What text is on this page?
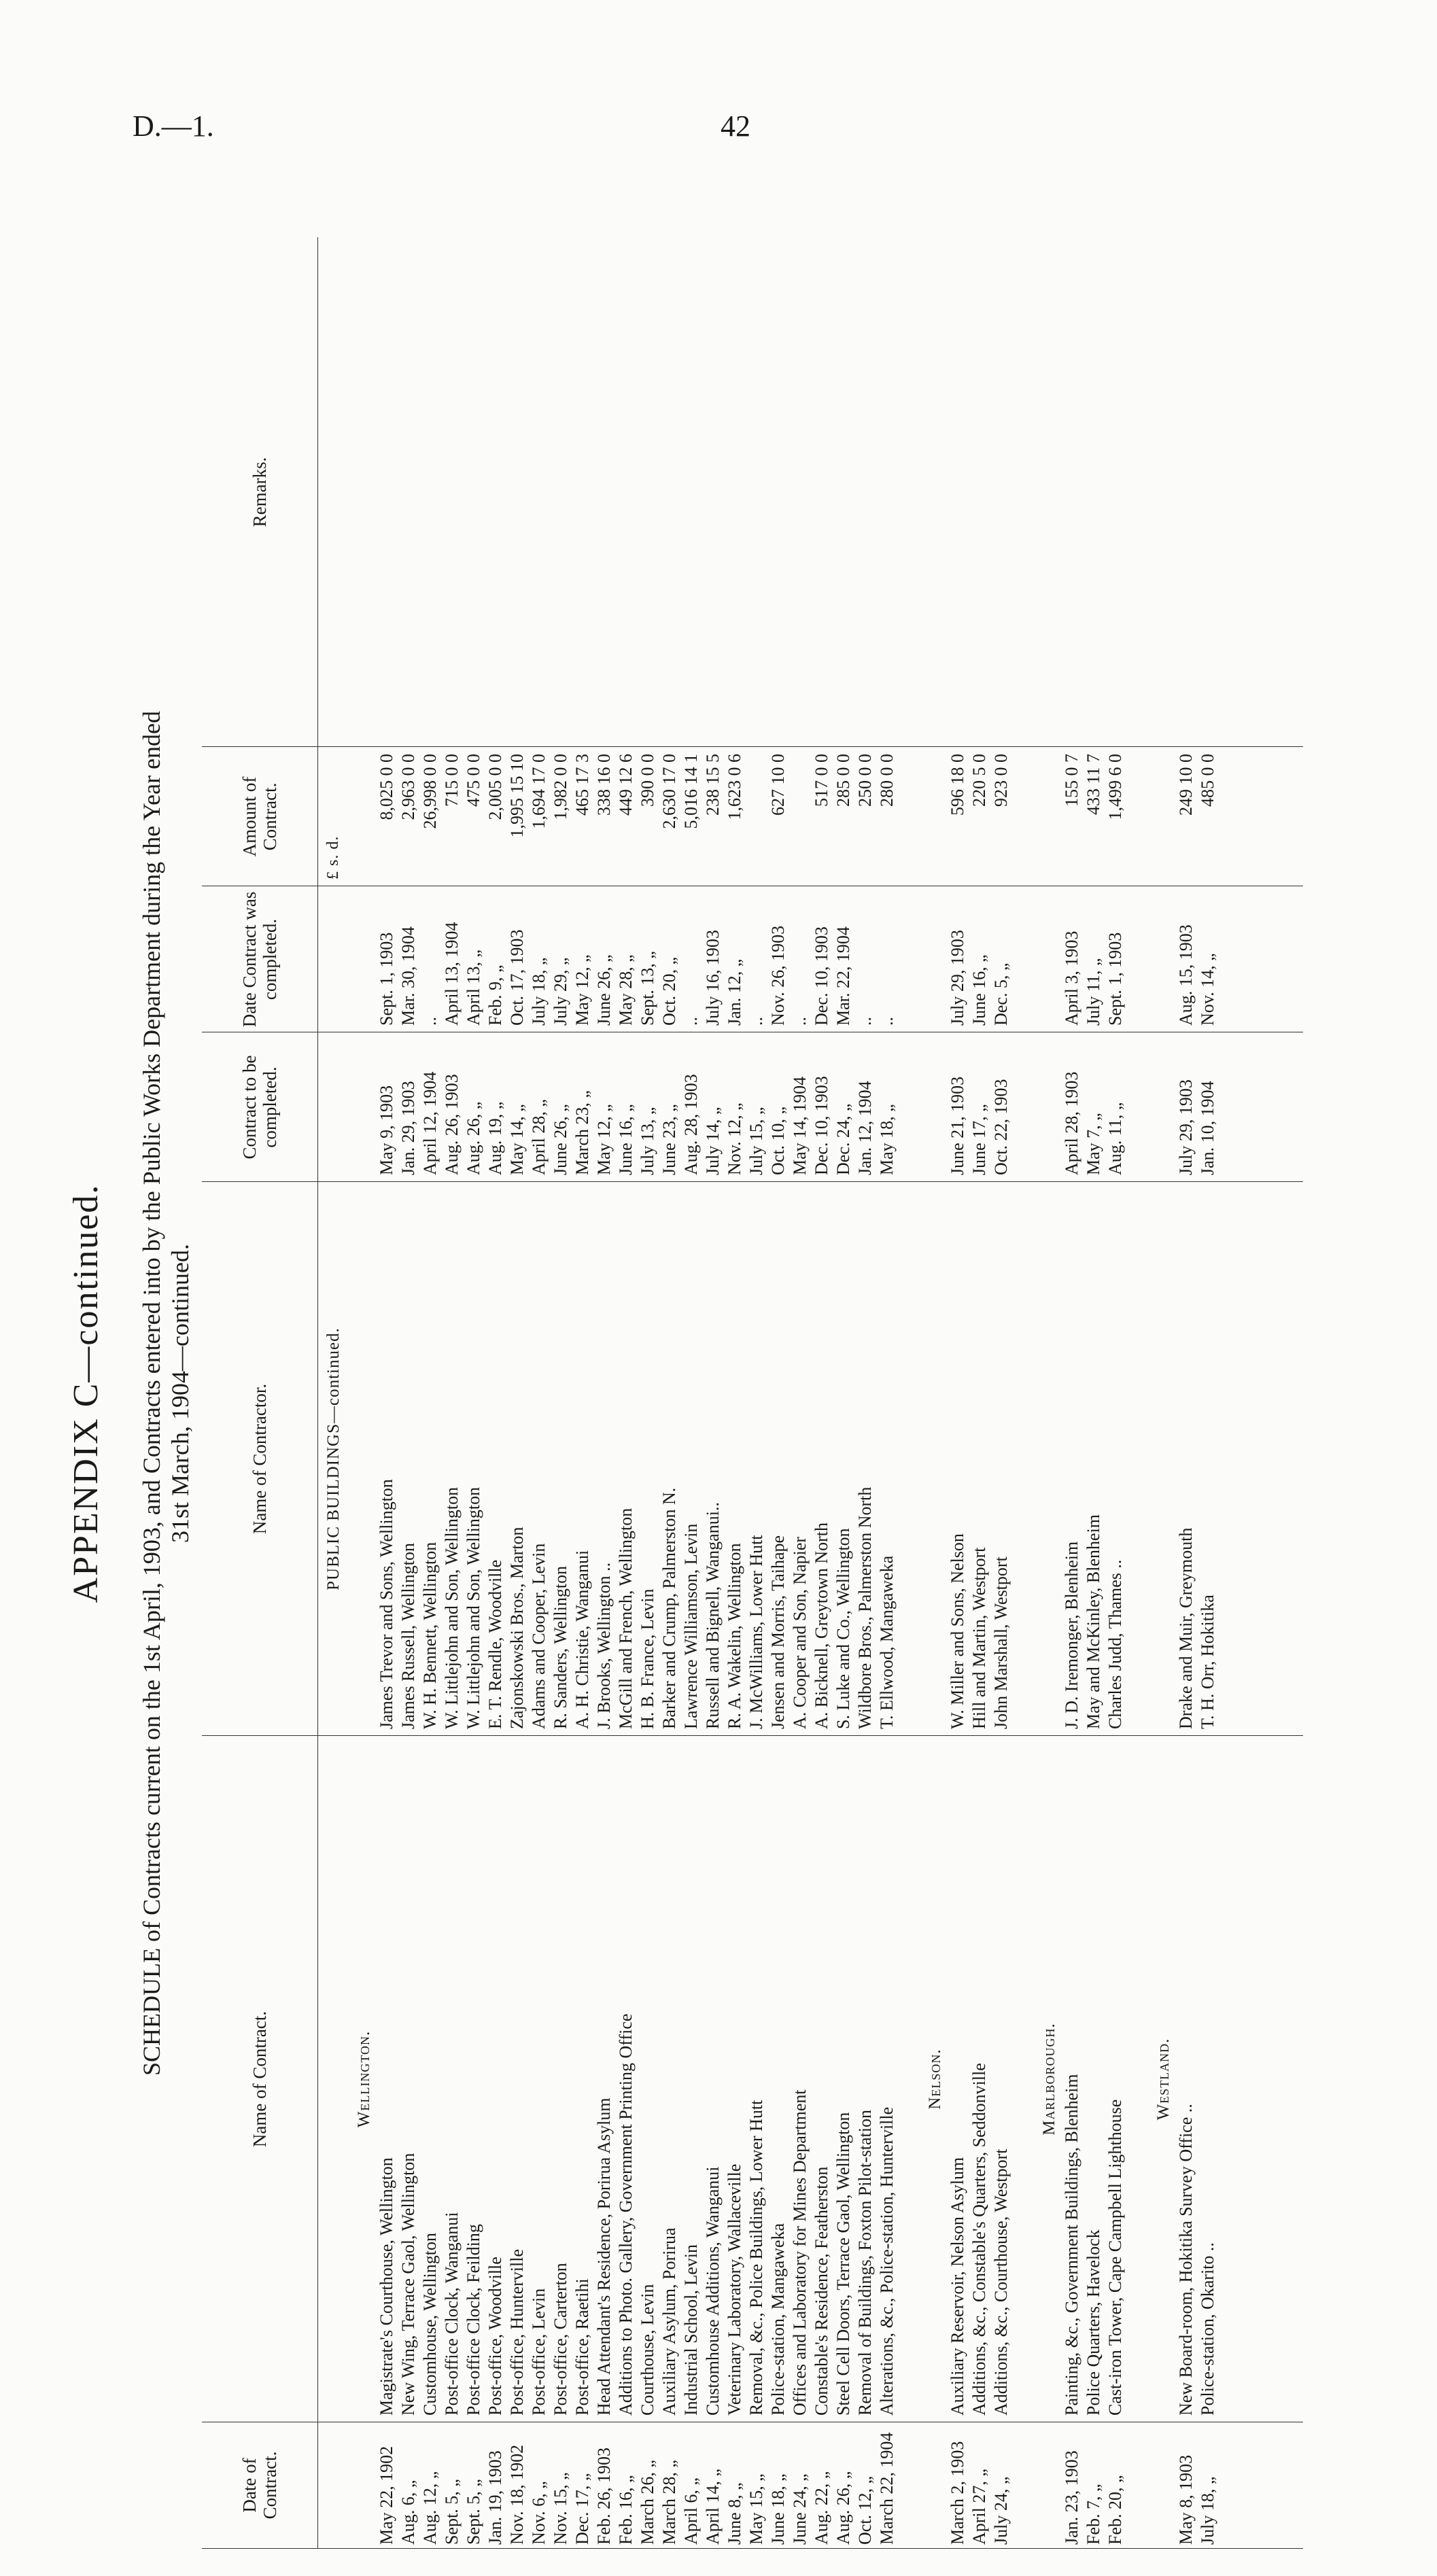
D.—1.	42
APPENDIX C—continued. SCHEDULE of Contracts current on the 1st April, 1903, and Contracts entered into by the Public Works Department during the Year ended 31st March, 1904—continued.
Date of Contract.
Name of Contract.
Name of Contractor.
Contract to be completed.
Date Contract was completed.
Amount of Contract.
Remarks.
PUBLIC BUILDINGS—continued.
£ s. d.
Wellington.
May 22, 1902
Magistrate's Courthouse, Wellington
James Trevor and Sons, Wellington
May 9, 1903
Sept. 1, 1903
8,025 0 0
Aug. 6, „
New Wing, Terrace Gaol, Wellington
James Russell, Wellington
Jan. 29, 1903
Mar. 30, 1904
2,963 0 0
Aug. 12, „
Customhouse, Wellington
W. H. Bennett, Wellington
April 12, 1904
..
26,998 0 0
Sept. 5, „
Post-office Clock, Wanganui
W. Littlejohn and Son, Wellington
Aug. 26, 1903
April 13, 1904
715 0 0
Sept. 5, „
Post-office Clock, Feilding
W. Littlejohn and Son, Wellington
Aug. 26, „
April 13, „
475 0 0
Jan. 19, 1903
Post-office, Woodville
E. T. Rendle, Woodville
Aug. 19, „
Feb. 9, „
2,005 0 0
Nov. 18, 1902
Post-office, Hunterville
Zajonskowski Bros., Marton
May 14, „
Oct. 17, 1903
1,995 15 10
Nov. 6, „
Post-office, Levin
Adams and Cooper, Levin
April 28, „
July 18, „
1,694 17 0
Nov. 15, „
Post-office, Carterton
R. Sanders, Wellington
June 26, „
July 29, „
1,982 0 0
Dec. 17, „
Post-office, Raetihi
A. H. Christie, Wanganui
March 23, „
May 12, „
465 17 3
Feb. 26, 1903
Head Attendant's Residence, Porirua Asylum
J. Brooks, Wellington ..
May 12, „
June 26, „
338 16 0
Feb. 16, „
Additions to Photo. Gallery, Government Printing Office
McGill and French, Wellington
June 16, „
May 28, „
449 12 6
March 26, „
Courthouse, Levin
H. B. France, Levin
July 13, „
Sept. 13, „
390 0 0
March 28, „
Auxiliary Asylum, Porirua
Barker and Crump, Palmerston N.
June 23, „
Oct. 20, „
2,630 17 0
April 6, „
Industrial School, Levin
Lawrence Williamson, Levin
Aug. 28, 1903
..
5,016 14 1
April 14, „
Customhouse Additions, Wanganui
Russell and Bignell, Wanganui..
July 14, „
July 16, 1903
238 15 5
June 8, „
Veterinary Laboratory, Wallaceville
R. A. Wakelin, Wellington
Nov. 12, „
Jan. 12, „
1,623 0 6
May 15, „
Removal, &c., Police Buildings, Lower Hutt
J. McWilliams, Lower Hutt
July 15, „
..
June 18, „
Police-station, Mangaweka
Jensen and Morris, Taihape
Oct. 10, „
Nov. 26, 1903
627 10 0
June 24, „
Offices and Laboratory for Mines Department
A. Cooper and Son, Napier
May 14, 1904
..
Aug. 22, „
Constable's Residence, Featherston
A. Bicknell, Greytown North
Dec. 10, 1903
Dec. 10, 1903
517 0 0
Aug. 26, „
Steel Cell Doors, Terrace Gaol, Wellington
S. Luke and Co., Wellington
Dec. 24, „
Mar. 22, 1904
285 0 0
Oct. 12, „
Removal of Buildings, Foxton Pilot-station
Wildbore Bros., Palmerston North
Jan. 12, 1904
..
250 0 0
March 22, 1904
Alterations, &c., Police-station, Hunterville
T. Ellwood, Mangaweka
May 18, „
..
280 0 0
Nelson.
March 2, 1903
Auxiliary Reservoir, Nelson Asylum
W. Miller and Sons, Nelson
June 21, 1903
July 29, 1903
596 18 0
April 27, „
Additions, &c., Constable's Quarters, Seddonville
Hill and Martin, Westport
June 17, „
June 16, „
220 5 0
July 24, „
Additions, &c., Courthouse, Westport
John Marshall, Westport
Oct. 22, 1903
Dec. 5, „
923 0 0
Marlborough.
Jan. 23, 1903
Painting, &c., Government Buildings, Blenheim
J. D. Iremonger, Blenheim
April 28, 1903
April 3, 1903
155 0 7
Feb. 7, „
Police Quarters, Havelock
May and McKinley, Blenheim
May 7, „
July 11, „
433 11 7
Feb. 20, „
Cast-iron Tower, Cape Campbell Lighthouse
Charles Judd, Thames ..
Aug. 11, „
Sept. 1, 1903
1,499 6 0
Westland.
May 8, 1903
New Board-room, Hokitika Survey Office ..
Drake and Muir, Greymouth
July 29, 1903
Aug. 15, 1903
249 10 0
July 18, „
Police-station, Okarito ..
T. H. Orr, Hokitika
Jan. 10, 1904
Nov. 14, „
485 0 0
